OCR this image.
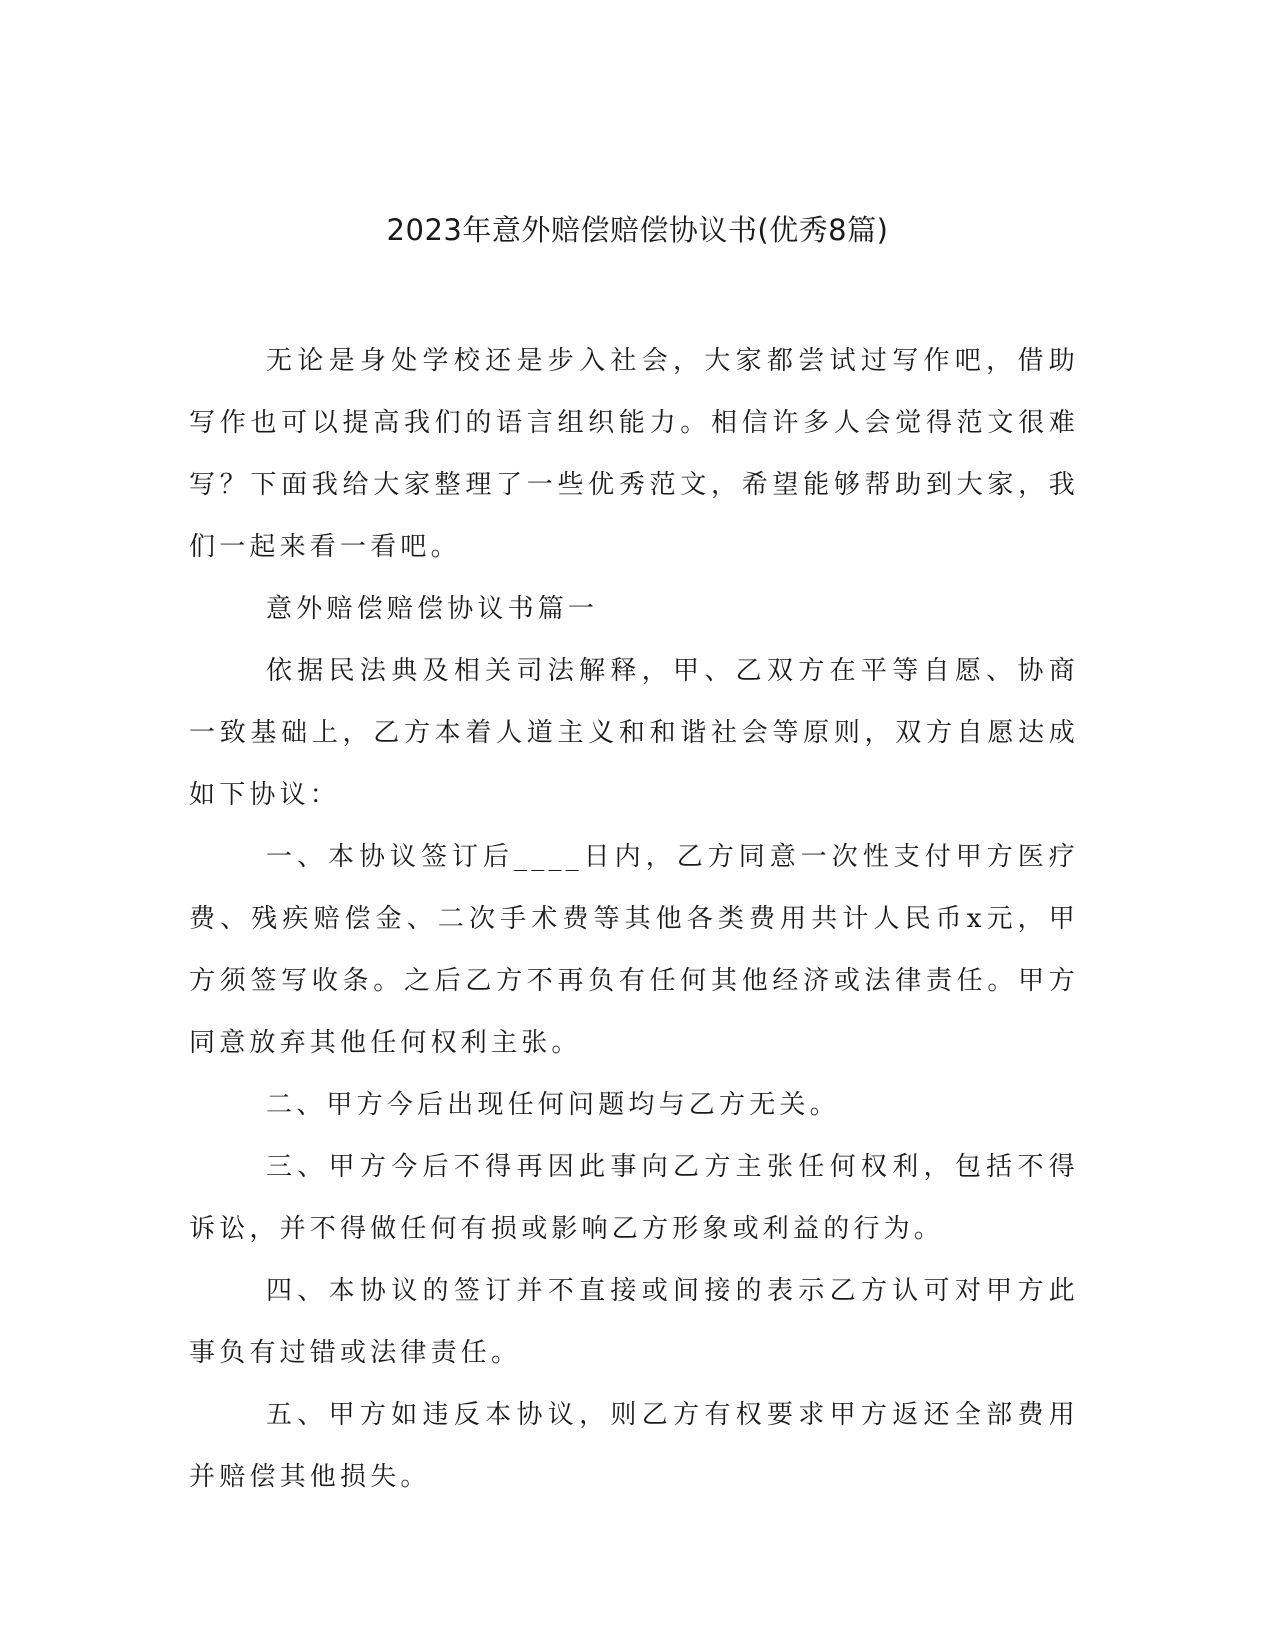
2023年意外赔偿赔偿协议书(优秀8篇)

无论是身处学校还是步入社会，大家都尝试过写作吧，借助写作也可以提高我们的语言组织能力。相信许多人会觉得范文很难写？下面我给大家整理了一些优秀范文，希望能够帮助到大家，我们一起来看一看吧。

意外赔偿赔偿协议书篇一

依据民法典及相关司法解释，甲、乙双方在平等自愿、协商一致基础上，乙方本着人道主义和和谐社会等原则，双方自愿达成如下协议：

一、本协议签订后____日内，乙方同意一次性支付甲方医疗费、残疾赔偿金、二次手术费等其他各类费用共计人民币x元，甲方须签写收条。之后乙方不再负有任何其他经济或法律责任。甲方同意放弃其他任何权利主张。

二、甲方今后出现任何问题均与乙方无关。

三、甲方今后不得再因此事向乙方主张任何权利，包括不得诉讼，并不得做任何有损或影响乙方形象或利益的行为。

四、本协议的签订并不直接或间接的表示乙方认可对甲方此事负有过错或法律责任。

五、甲方如违反本协议，则乙方有权要求甲方返还全部费用并赔偿其他损失。
